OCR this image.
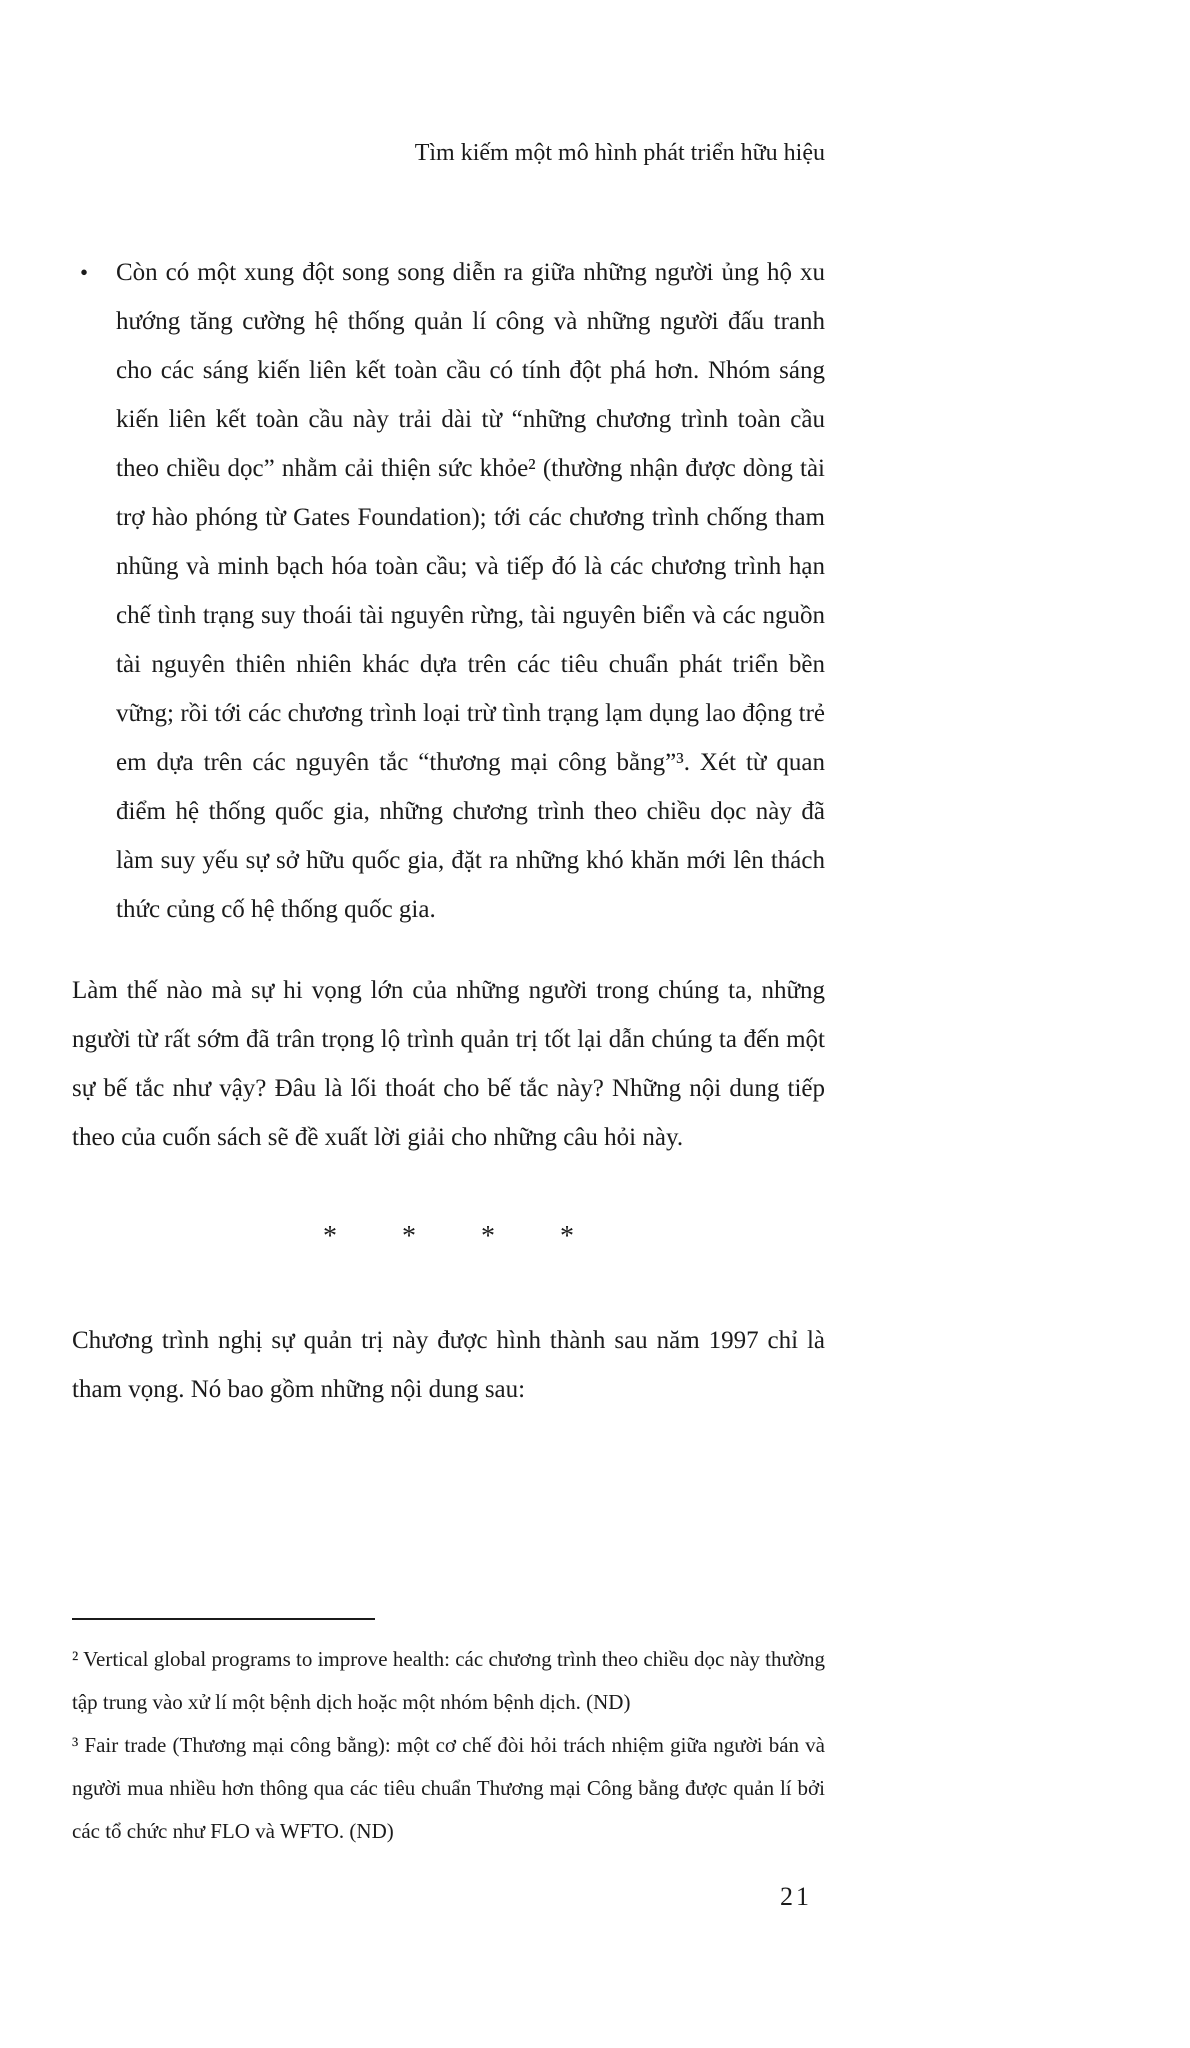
Tìm kiếm một mô hình phát triển hữu hiệu
•	Còn có một xung đột song song diễn ra giữa những người ủng hộ xu hướng tăng cường hệ thống quản lí công và những người đấu tranh cho các sáng kiến liên kết toàn cầu có tính đột phá hơn. Nhóm sáng kiến liên kết toàn cầu này trải dài từ “những chương trình toàn cầu theo chiều dọc” nhằm cải thiện sức khỏe² (thường nhận được dòng tài trợ hào phóng từ Gates Foundation); tới các chương trình chống tham nhũng và minh bạch hóa toàn cầu; và tiếp đó là các chương trình hạn chế tình trạng suy thoái tài nguyên rừng, tài nguyên biển và các nguồn tài nguyên thiên nhiên khác dựa trên các tiêu chuẩn phát triển bền vững; rồi tới các chương trình loại trừ tình trạng lạm dụng lao động trẻ em dựa trên các nguyên tắc “thương mại công bằng”³. Xét từ quan điểm hệ thống quốc gia, những chương trình theo chiều dọc này đã làm suy yếu sự sở hữu quốc gia, đặt ra những khó khăn mới lên thách thức củng cố hệ thống quốc gia.

Làm thế nào mà sự hi vọng lớn của những người trong chúng ta, những người từ rất sớm đã trân trọng lộ trình quản trị tốt lại dẫn chúng ta đến một sự bế tắc như vậy? Đâu là lối thoát cho bế tắc này? Những nội dung tiếp theo của cuốn sách sẽ đề xuất lời giải cho những câu hỏi này.

* * * *

Chương trình nghị sự quản trị này được hình thành sau năm 1997 chỉ là tham vọng. Nó bao gồm những nội dung sau:

² Vertical global programs to improve health: các chương trình theo chiều dọc này thường tập trung vào xử lí một bệnh dịch hoặc một nhóm bệnh dịch. (ND)

³ Fair trade (Thương mại công bằng): một cơ chế đòi hỏi trách nhiệm giữa người bán và người mua nhiều hơn thông qua các tiêu chuẩn Thương mại Công bằng được quản lí bởi các tổ chức như FLO và WFTO. (ND)

21
